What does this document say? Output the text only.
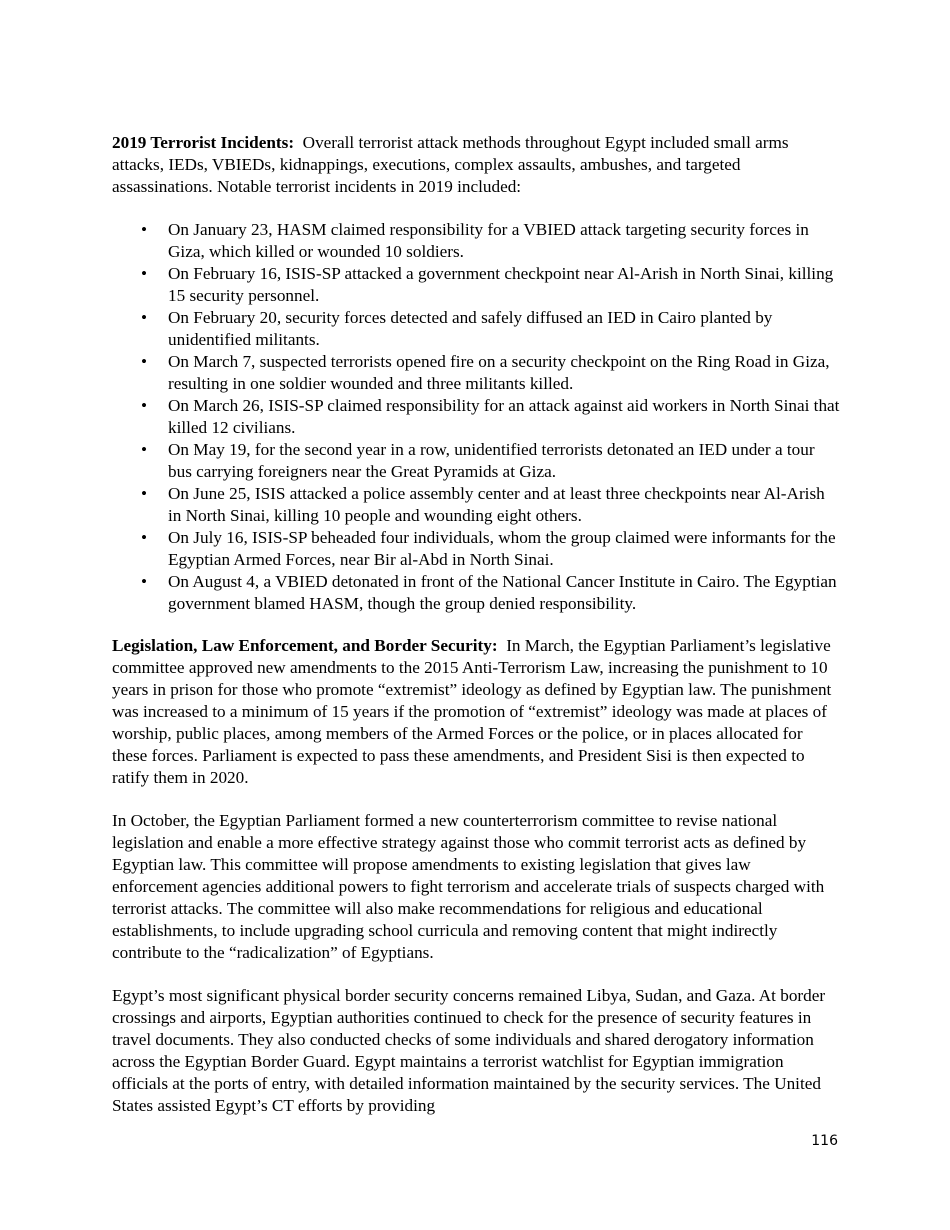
2019 Terrorist Incidents: Overall terrorist attack methods throughout Egypt included small arms attacks, IEDs, VBIEDs, kidnappings, executions, complex assaults, ambushes, and targeted assassinations. Notable terrorist incidents in 2019 included:

• On January 23, HASM claimed responsibility for a VBIED attack targeting security forces in Giza, which killed or wounded 10 soldiers.
• On February 16, ISIS-SP attacked a government checkpoint near Al-Arish in North Sinai, killing 15 security personnel.
• On February 20, security forces detected and safely diffused an IED in Cairo planted by unidentified militants.
• On March 7, suspected terrorists opened fire on a security checkpoint on the Ring Road in Giza, resulting in one soldier wounded and three militants killed.
• On March 26, ISIS-SP claimed responsibility for an attack against aid workers in North Sinai that killed 12 civilians.
• On May 19, for the second year in a row, unidentified terrorists detonated an IED under a tour bus carrying foreigners near the Great Pyramids at Giza.
• On June 25, ISIS attacked a police assembly center and at least three checkpoints near Al-Arish in North Sinai, killing 10 people and wounding eight others.
• On July 16, ISIS-SP beheaded four individuals, whom the group claimed were informants for the Egyptian Armed Forces, near Bir al-Abd in North Sinai.
• On August 4, a VBIED detonated in front of the National Cancer Institute in Cairo. The Egyptian government blamed HASM, though the group denied responsibility.

Legislation, Law Enforcement, and Border Security: In March, the Egyptian Parliament’s legislative committee approved new amendments to the 2015 Anti-Terrorism Law, increasing the punishment to 10 years in prison for those who promote “extremist” ideology as defined by Egyptian law. The punishment was increased to a minimum of 15 years if the promotion of “extremist” ideology was made at places of worship, public places, among members of the Armed Forces or the police, or in places allocated for these forces. Parliament is expected to pass these amendments, and President Sisi is then expected to ratify them in 2020.

In October, the Egyptian Parliament formed a new counterterrorism committee to revise national legislation and enable a more effective strategy against those who commit terrorist acts as defined by Egyptian law. This committee will propose amendments to existing legislation that gives law enforcement agencies additional powers to fight terrorism and accelerate trials of suspects charged with terrorist attacks. The committee will also make recommendations for religious and educational establishments, to include upgrading school curricula and removing content that might indirectly contribute to the “radicalization” of Egyptians.

Egypt’s most significant physical border security concerns remained Libya, Sudan, and Gaza. At border crossings and airports, Egyptian authorities continued to check for the presence of security features in travel documents. They also conducted checks of some individuals and shared derogatory information across the Egyptian Border Guard. Egypt maintains a terrorist watchlist for Egyptian immigration officials at the ports of entry, with detailed information maintained by the security services. The United States assisted Egypt’s CT efforts by providing

116
